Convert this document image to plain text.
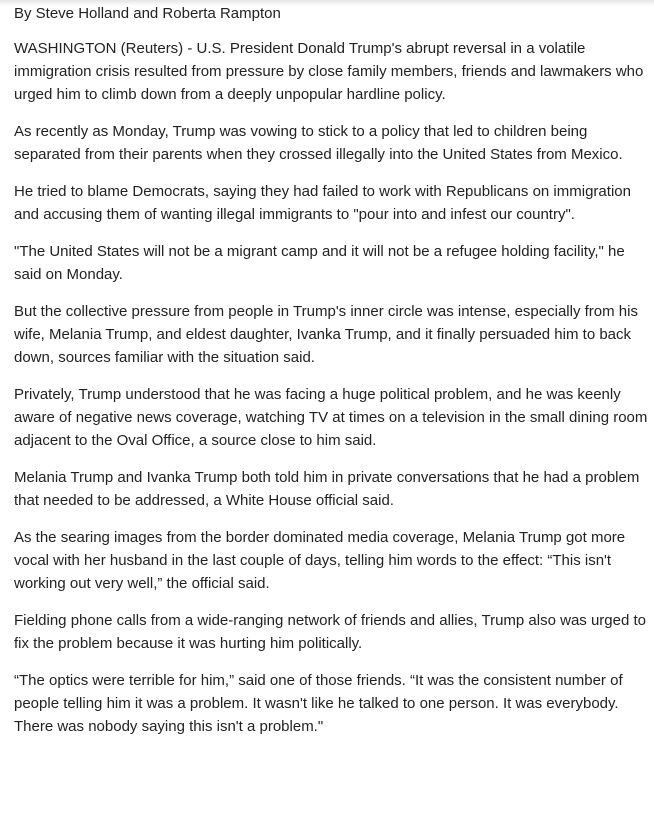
By Steve Holland and Roberta Rampton

WASHINGTON (Reuters) - U.S. President Donald Trump's abrupt reversal in a volatile immigration crisis resulted from pressure by close family members, friends and lawmakers who urged him to climb down from a deeply unpopular hardline policy.

As recently as Monday, Trump was vowing to stick to a policy that led to children being separated from their parents when they crossed illegally into the United States from Mexico.

He tried to blame Democrats, saying they had failed to work with Republicans on immigration and accusing them of wanting illegal immigrants to "pour into and infest our country".

"The United States will not be a migrant camp and it will not be a refugee holding facility," he said on Monday.

But the collective pressure from people in Trump's inner circle was intense, especially from his wife, Melania Trump, and eldest daughter, Ivanka Trump, and it finally persuaded him to back down, sources familiar with the situation said.

Privately, Trump understood that he was facing a huge political problem, and he was keenly aware of negative news coverage, watching TV at times on a television in the small dining room adjacent to the Oval Office, a source close to him said.

Melania Trump and Ivanka Trump both told him in private conversations that he had a problem that needed to be addressed, a White House official said.

As the searing images from the border dominated media coverage, Melania Trump got more vocal with her husband in the last couple of days, telling him words to the effect: “This isn't working out very well,” the official said.

Fielding phone calls from a wide-ranging network of friends and allies, Trump also was urged to fix the problem because it was hurting him politically.

“The optics were terrible for him,” said one of those friends. “It was the consistent number of people telling him it was a problem. It wasn't like he talked to one person. It was everybody. There was nobody saying this isn't a problem."
